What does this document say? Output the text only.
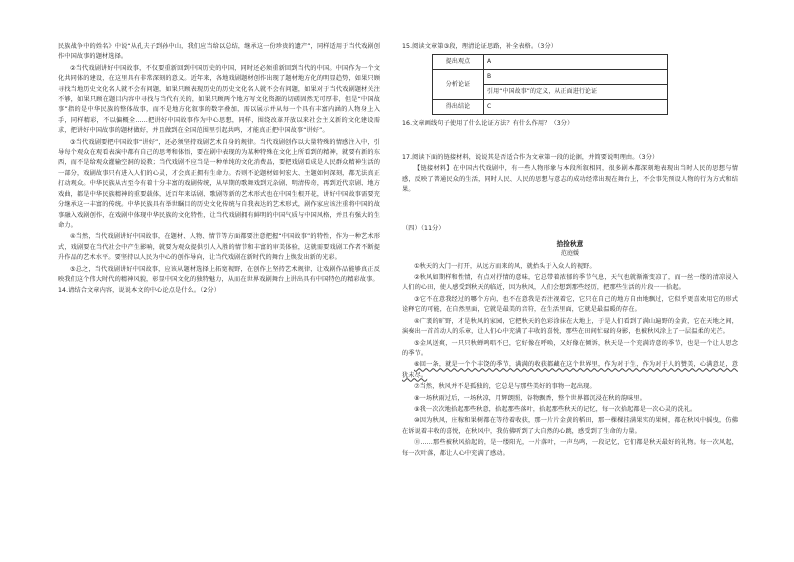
民族战争中的姓名》中说“从孔夫子到孙中山，我们应当给以总结，继承这一份珍贵的遗产”，同样适用于当代戏剧创作中国故事的题材选择。

②当代戏剧讲好中国故事，不仅要重新回到中国历史的中国，同时还必须重新回到当代的中国。中国作为一个文化共同体的建设，在这里具有非常深刻的意义。近年来，各地戏剧题材创作出现了题材地方化的明显趋势，如果只顾寻找当地历史文化名人就不会有问题，如果只顾表现历史的历史文化名人就不会有问题，如果对于当代戏剧题材关注不够，如果只顾在题目内容中寻找与当代有关的，如果只顾两个地方写文化资源的切磋固然无可厚非，但是“中国故事”指的是中华民族的整体故事，而不是地方化叙事的数字叠加，需以展示并从每一个具有丰富内涵的人物身上入手，同样精彩，不以偏概全……把讲好中国故事作为中心思想，同样，围绕改革开放以来社会主义新的文化建设需求，把讲好中国故事的题材做好，并且做到在全国范围里引起共鸣，才能真正把中国故事“讲好”。

③当代戏剧要把中国故事“讲好”，还必须坚持戏剧艺术自身的规律。当代戏剧创作以大量特殊的情感注入中，引导每个观众在观看表演中都有自己的思考和体悟，要在剧中表现的为某种特殊在文化上所看到的精神，就要有新的东西，而不是给观众灌输空洞的说教；当代戏剧不应当是一种单纯的文化消费品，要把戏剧看成是人民群众精神生活的一部分，戏剧故事只有进入人们的心灵，才会真正拥有生命力。否则不论题材如何宏大、主题如何深刻，都无法真正打动观众。中华民族从古至今有着十分丰富的戏剧传统，从早期的歌舞戏到元杂剧、明清传奇，再到近代京剧、地方戏曲，都是中华民族精神的重要载体，近百年来话剧、歌剧等新的艺术形式也在中国生根开花，讲好中国故事需要充分继承这一丰富的传统。中华民族具有举世瞩目的历史文化传统与自我表达的艺术形式，剧作家应该注重将中国的故事融入戏剧创作，在戏剧中体现中华民族的文化特性，让当代戏剧拥有鲜明的中国气质与中国风格，并且有强大的生命力。

④当然，当代戏剧讲好中国故事，在题材、人物、情节等方面都要注意把握“中国故事”的特性，作为一种艺术形式，戏剧要在当代社会中产生影响，就要为观众提供引人入胜的情节和丰富的审美体验，这就需要戏剧工作者不断提升作品的艺术水平。要坚持以人民为中心的创作导向，让当代戏剧在新时代的舞台上焕发出新的光彩。

⑤总之，当代戏剧讲好中国故事，应该从题材选择上拓宽视野，在创作上坚持艺术规律，让戏剧作品能够真正反映我们这个伟大时代的精神风貌，彰显中国文化的独特魅力，从而在世界戏剧舞台上讲出具有中国特色的精彩故事。

14.请结合文章内容，说说本文的中心论点是什么。（2分）

15.阅读文章第③段，理清论证思路，补全表格。（3分）

提出观点	A
分析论证	B
	引用“中国故事”的定义，从正面进行论证
得出结论	C

16.文章画线句子使用了什么论证方法？有什么作用？（3分）

17.阅读下面的链接材料，说说其是否适合作为文章第一段的论据，并简要说明理由。（3分）

【链接材料】在中国古代戏剧中，有一些人物形象与本段所叙相同，很多剧本都深刻地表现出当时人民的思想与情感，反映了普通民众的生活，同时人民、人民的思想与意志的成功经常出现在舞台上，不会事先预设人物的行为方式和结果。

（四）（11分）

拾捡秋意

范庭媛

①秋天的大门一打开，从远方而来的风，就抬头于入众人的视野。

②秋风如期样和性情，有点对抒情的意味，它总带着浓郁的季节气息，天气也就渐渐变凉了，而一丝一缕的清凉浸入人们的心田，使人感受到秋天的临近，因为秋风，人们会想到那些经历，把那些生活的片段一一拾起。

③它不在意我经过的哪个方向，也不在意我是否注视着它，它只在自己的地方自由地飘过，它似乎更喜欢用它的形式诠释它的可能，在自然里面，它就是最美的音符，在生活里面，它就是最温暖的存在。

④广袤的旷野，才是秋风的家园，它把秋天的色彩涂抹在大地上，于是人们看到了满山遍野的金黄，它在天地之间，演奏出一首首动人的乐章，让人们心中充满了丰收的喜悦，那些在田间忙碌的身影，也被秋风涂上了一层温柔的光芒。

⑤金风送爽，一只只秋蝉鸣唱不已，它好像在呼唤，又好像在倾诉，秋天是一个充满诗意的季节，也是一个让人思念的季节。

⑥回一条，就是一个个丰饶的季节，满满的收获都藏在这个世界里，作为对于生，作为对于人的赞美，心满意足，意犹未尽。

⑦当然，秋风并不是孤独的，它总是与那些美好的事物一起出现。

⑧一场秋雨过后，一场秋凉，月辉朗照，谷物飘香，整个世界都沉浸在秋的韵味里。

⑨我一次次地拾起那些秋意，拾起那些落叶，拾起那些秋天的记忆，每一次拾起都是一次心灵的洗礼。

⑩因为秋风，庄稼和果树都在等待着收获，那一片片金黄的稻田，那一棵棵挂满果实的果树，都在秋风中摇曳，仿佛在诉说着丰收的喜悦，在秋风中，我仿佛听到了大自然的心跳，感受到了生命的力量。

⑪……那些被秋风拾起的，是一缕阳光，一片落叶，一声鸟鸣，一段记忆，它们都是秋天最好的礼物。每一次风起，每一次叶落，都让人心中充满了感动。
